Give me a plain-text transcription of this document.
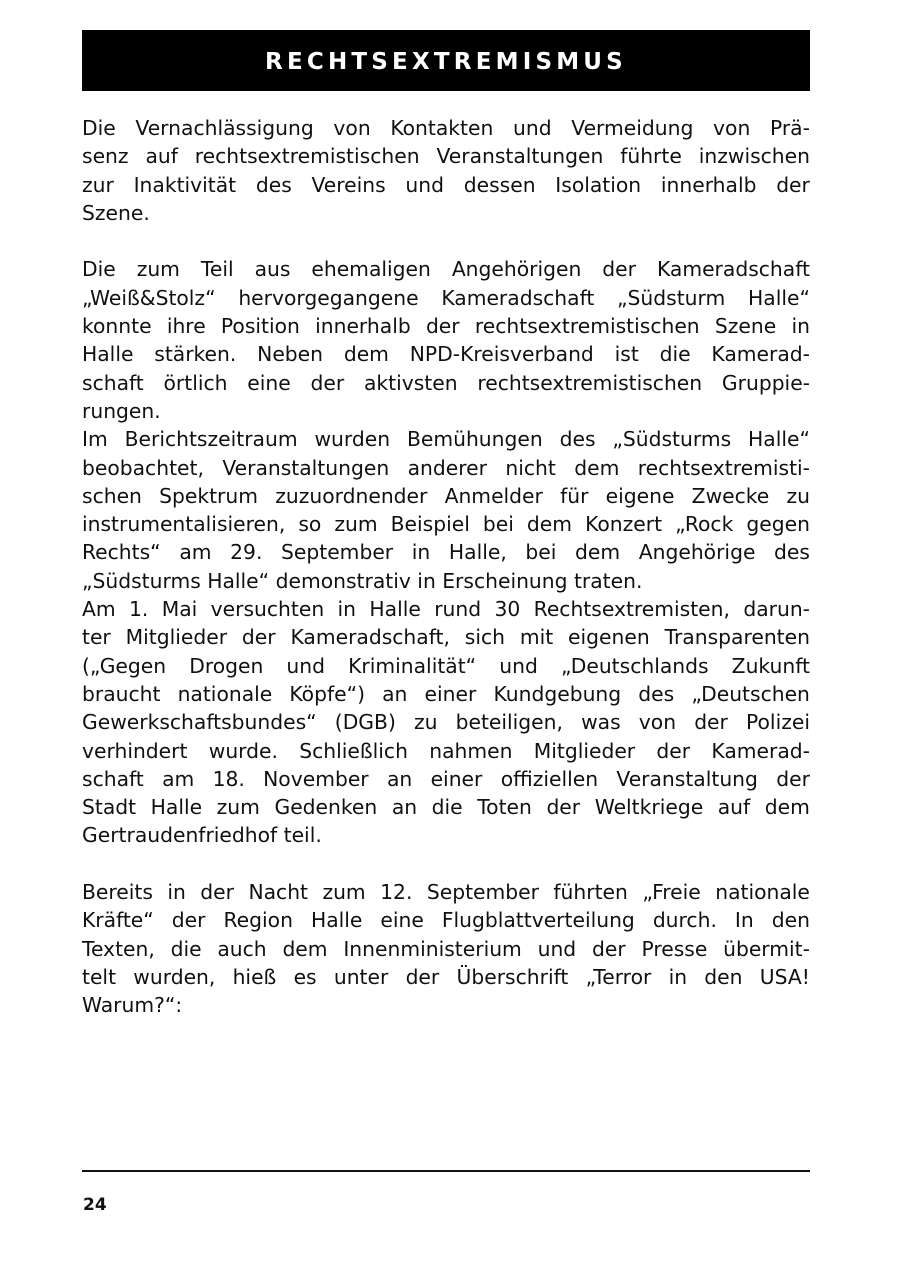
RECHTSEXTREMISMUS
Die Vernachlässigung von Kontakten und Vermeidung von Prä-
senz auf rechtsextremistischen Veranstaltungen führte inzwischen
zur Inaktivität des Vereins und dessen Isolation innerhalb der
Szene.
Die zum Teil aus ehemaligen Angehörigen der Kameradschaft
„Weiß&Stolz“ hervorgegangene Kameradschaft „Südsturm Halle“
konnte ihre Position innerhalb der rechtsextremistischen Szene in
Halle stärken. Neben dem NPD-Kreisverband ist die Kamerad-
schaft örtlich eine der aktivsten rechtsextremistischen Gruppie-
rungen.
Im Berichtszeitraum wurden Bemühungen des „Südsturms Halle“
beobachtet, Veranstaltungen anderer nicht dem rechtsextremisti-
schen Spektrum zuzuordnender Anmelder für eigene Zwecke zu
instrumentalisieren, so zum Beispiel bei dem Konzert „Rock gegen
Rechts“ am 29. September in Halle, bei dem Angehörige des
„Südsturms Halle“ demonstrativ in Erscheinung traten.
Am 1. Mai versuchten in Halle rund 30 Rechtsextremisten, darun-
ter Mitglieder der Kameradschaft, sich mit eigenen Transparenten
(„Gegen Drogen und Kriminalität“ und „Deutschlands Zukunft
braucht nationale Köpfe“) an einer Kundgebung des „Deutschen
Gewerkschaftsbundes“ (DGB) zu beteiligen, was von der Polizei
verhindert wurde. Schließlich nahmen Mitglieder der Kamerad-
schaft am 18. November an einer offiziellen Veranstaltung der
Stadt Halle zum Gedenken an die Toten der Weltkriege auf dem
Gertraudenfriedhof teil.
Bereits in der Nacht zum 12. September führten „Freie nationale
Kräfte“ der Region Halle eine Flugblattverteilung durch. In den
Texten, die auch dem Innenministerium und der Presse übermit-
telt wurden, hieß es unter der Überschrift „Terror in den USA!
Warum?“:
24
